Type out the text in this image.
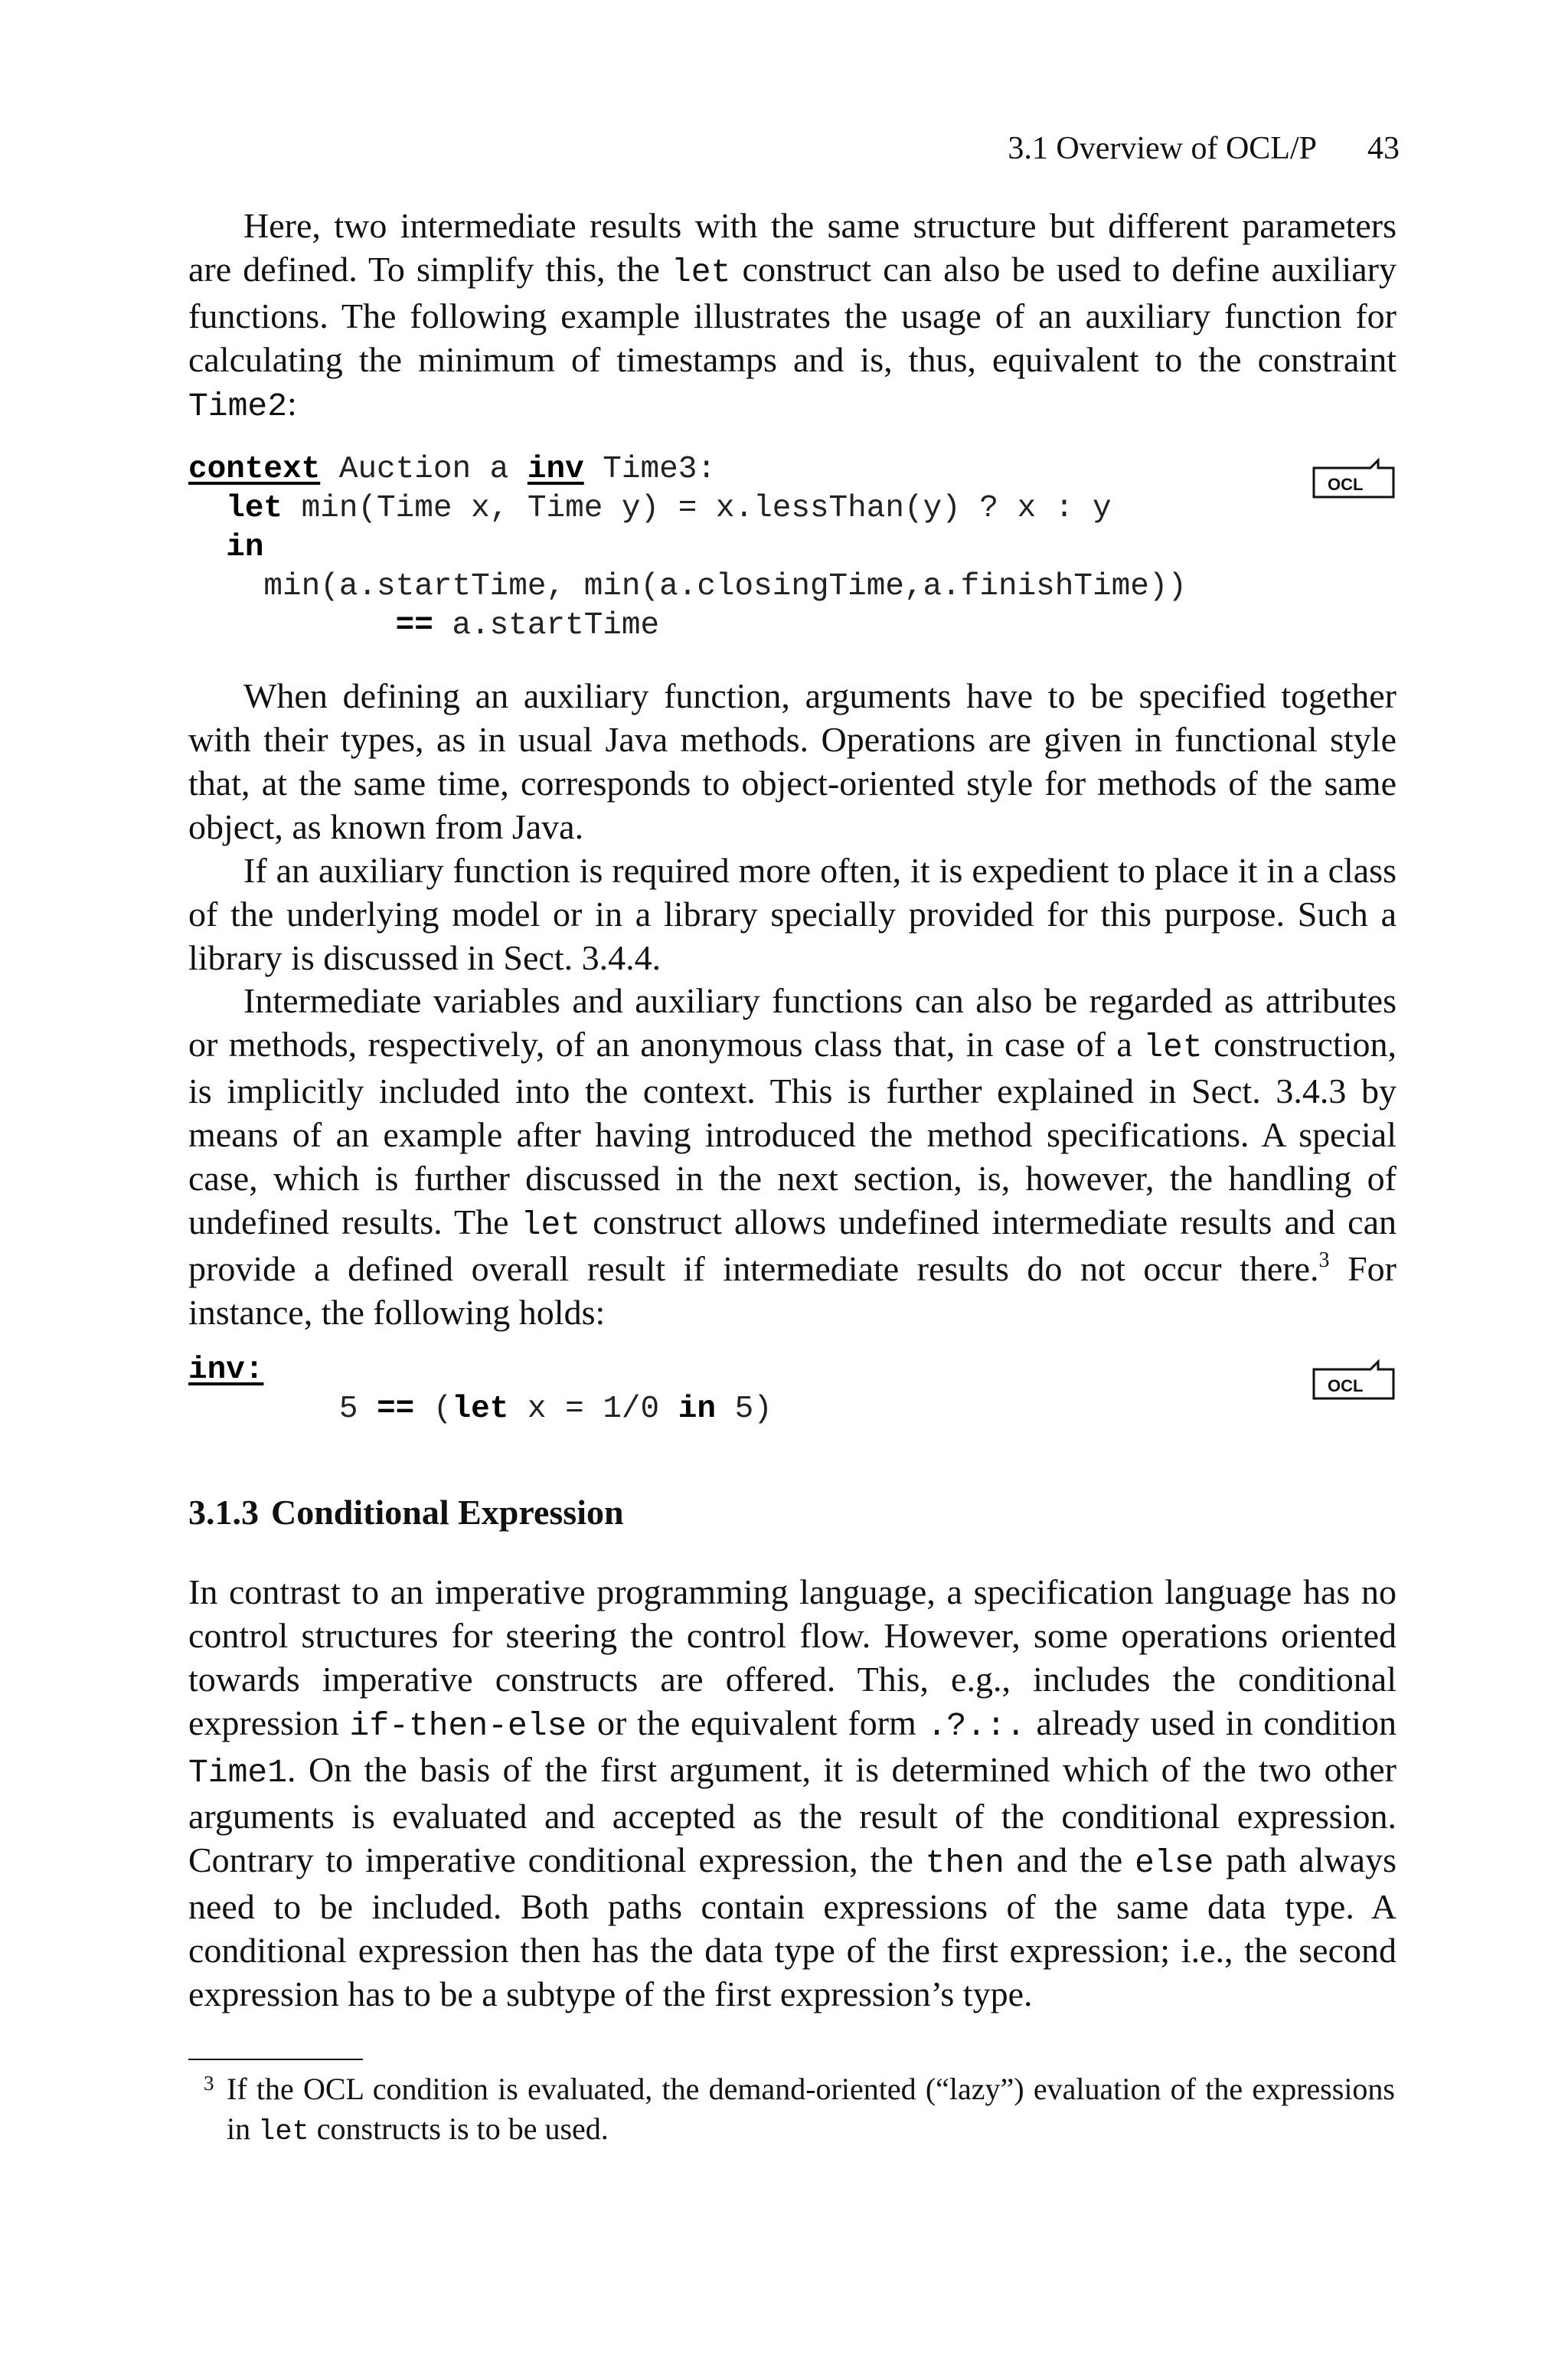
3.1 Overview of OCL/P 43
Here, two intermediate results with the same structure but different parameters are defined. To simplify this, the let construct can also be used to define auxiliary functions. The following example illustrates the usage of an auxiliary function for calculating the minimum of timestamps and is, thus, equivalent to the constraint Time2:
context Auction a inv Time3:
let min(Time x, Time y) = x.lessThan(y) ? x : y
in
min(a.startTime, min(a.closingTime,a.finishTime))
== a.startTime
OCL
When defining an auxiliary function, arguments have to be specified together with their types, as in usual Java methods. Operations are given in functional style that, at the same time, corresponds to object-oriented style for methods of the same object, as known from Java.
If an auxiliary function is required more often, it is expedient to place it in a class of the underlying model or in a library specially provided for this purpose. Such a library is discussed in Sect. 3.4.4.
Intermediate variables and auxiliary functions can also be regarded as attributes or methods, respectively, of an anonymous class that, in case of a let construction, is implicitly included into the context. This is further explained in Sect. 3.4.3 by means of an example after having introduced the method specifications. A special case, which is further discussed in the next section, is, however, the handling of undefined results. The let construct allows undefined intermediate results and can provide a defined overall result if intermediate results do not occur there.$^3$ For instance, the following holds:
inv:
5 == (let x = 1/0 in 5)
OCL
3.1.3 Conditional Expression
In contrast to an imperative programming language, a specification language has no control structures for steering the control flow. However, some operations oriented towards imperative constructs are offered. This, e.g., includes the conditional expression if-then-else or the equivalent form .?.:. already used in condition Time1. On the basis of the first argument, it is determined which of the two other arguments is evaluated and accepted as the result of the conditional expression. Contrary to imperative conditional expression, the then and the else path always need to be included. Both paths contain expressions of the same data type. A conditional expression then has the data type of the first expression; i.e., the second expression has to be a subtype of the first expression’s type.
3 If the OCL condition is evaluated, the demand-oriented (“lazy”) evaluation of the expressions in let constructs is to be used.
